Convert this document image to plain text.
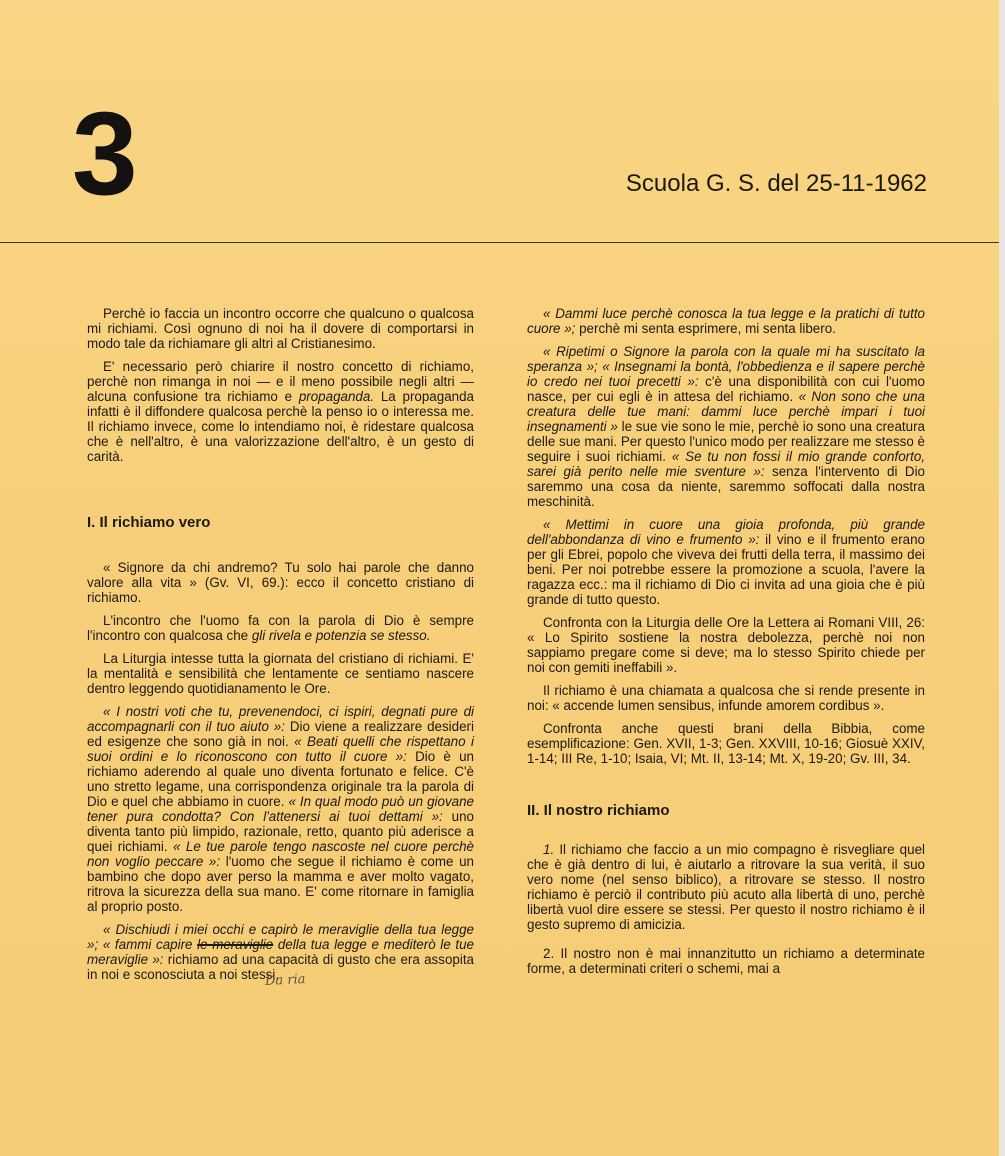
3	Scuola G. S. del 25-11-1962

Perchè io faccia un incontro occorre che qualcuno o qualcosa mi richiami. Così ognuno di noi ha il dovere di comportarsi in modo tale da richiamare gli altri al Cristianesimo.

E' necessario però chiarire il nostro concetto di richiamo, perchè non rimanga in noi — e il meno possibile negli altri — alcuna confusione tra richiamo e propaganda. La propaganda infatti è il diffondere qualcosa perchè la penso io o interessa me. Il richiamo invece, come lo intendiamo noi, è ridestare qualcosa che è nell'altro, è una valorizzazione dell'altro, è un gesto di carità.

I. Il richiamo vero

« Signore da chi andremo? Tu solo hai parole che danno valore alla vita » (Gv. VI, 69.): ecco il concetto cristiano di richiamo.

L'incontro che l'uomo fa con la parola di Dio è sempre l'incontro con qualcosa che gli rivela e potenzia se stesso.

La Liturgia intesse tutta la giornata del cristiano di richiami. E' la mentalità e sensibilità che lentamente ce sentiamo nascere dentro leggendo quotidianamento le Ore.

« I nostri voti che tu, prevenendoci, ci ispiri, degnati pure di accompagnarli con il tuo aiuto »: Dio viene a realizzare desideri ed esigenze che sono già in noi. « Beati quelli che rispettano i suoi ordini e lo riconoscono con tutto il cuore »: Dio è un richiamo aderendo al quale uno diventa fortunato e felice. C'è uno stretto legame, una corrispondenza originale tra la parola di Dio e quel che abbiamo in cuore. « In qual modo può un giovane tener pura condotta? Con l'attenersi ai tuoi dettami »: uno diventa tanto più limpido, razionale, retto, quanto più aderisce a quei richiami. « Le tue parole tengo nascoste nel cuore perchè non voglio peccare »: l'uomo che segue il richiamo è come un bambino che dopo aver perso la mamma e aver molto vagato, ritrova la sicurezza della sua mano. E' come ritornare in famiglia al proprio posto.

« Dischiudi i miei occhi e capirò le meraviglie della tua legge »; « fammi capire le meraviglie della tua legge e mediterò le tue meraviglie »: richiamo ad una capacità di gusto che era assopita in noi e sconosciuta a noi stessi.

Da ria

« Dammi luce perchè conosca la tua legge e la pratichi di tutto cuore »; perchè mi senta esprimere, mi senta libero.

« Ripetimi o Signore la parola con la quale mi ha suscitato la speranza »; « Insegnami la bontà, l'obbedienza e il sapere perchè io credo nei tuoi precetti »: c'è una disponibilità con cui l'uomo nasce, per cui egli è in attesa del richiamo. « Non sono che una creatura delle tue mani: dammi luce perchè impari i tuoi insegnamenti » le sue vie sono le mie, perchè io sono una creatura delle sue mani. Per questo l'unico modo per realizzare me stesso è seguire i suoi richiami. « Se tu non fossi il mio grande conforto, sarei già perito nelle mie sventure »: senza l'intervento di Dio saremmo una cosa da niente, saremmo soffocati dalla nostra meschinità.

« Mettimi in cuore una gioia profonda, più grande dell'abbondanza di vino e frumento »: il vino e il frumento erano per gli Ebrei, popolo che viveva dei frutti della terra, il massimo dei beni. Per noi potrebbe essere la promozione a scuola, l'avere la ragazza ecc.: ma il richiamo di Dio ci invita ad una gioia che è più grande di tutto questo.

Confronta con la Liturgia delle Ore la Lettera ai Romani VIII, 26: « Lo Spirito sostiene la nostra debolezza, perchè noi non sappiamo pregare come si deve; ma lo stesso Spirito chiede per noi con gemiti ineffabili ».

Il richiamo è una chiamata a qualcosa che si rende presente in noi: « accende lumen sensibus, infunde amorem cordibus ».

Confronta anche questi brani della Bibbia, come esemplificazione: Gen. XVII, 1-3; Gen. XXVIII, 10-16; Giosuè XXIV, 1-14; III Re, 1-10; Isaia, VI; Mt. II, 13-14; Mt. X, 19-20; Gv. III, 34.

II. Il nostro richiamo

1. Il richiamo che faccio a un mio compagno è risvegliare quel che è già dentro di lui, è aiutarlo a ritrovare la sua verità, il suo vero nome (nel senso biblico), a ritrovare se stesso. Il nostro richiamo è perciò il contributo più acuto alla libertà di uno, perchè libertà vuol dire essere se stessi. Per questo il nostro richiamo è il gesto supremo di amicizia.

2. Il nostro non è mai innanzitutto un richiamo a determinate forme, a determinati criteri o schemi, mai a
